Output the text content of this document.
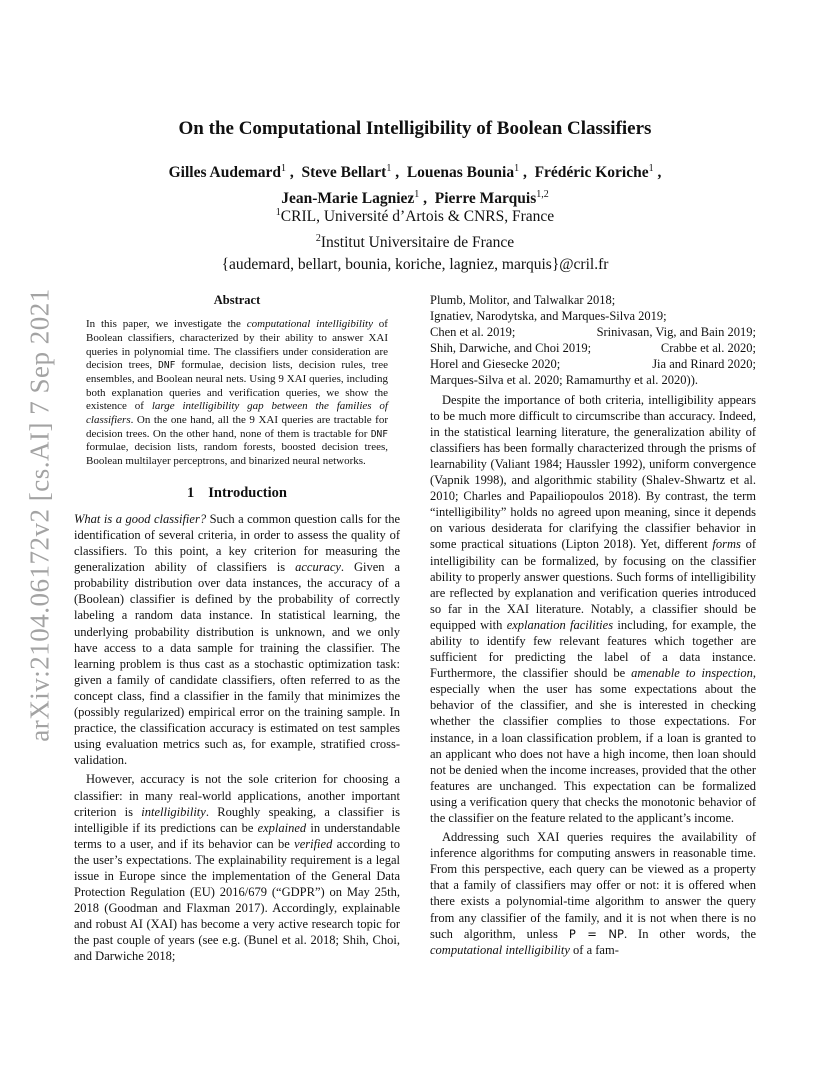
arXiv:2104.06172v2 [cs.AI] 7 Sep 2021
On the Computational Intelligibility of Boolean Classifiers
Gilles Audemard$^1$ ,  Steve Bellart$^1$ ,  Louenas Bounia$^1$ ,  Frédéric Koriche$^1$ ,
Jean-Marie Lagniez$^1$ ,  Pierre Marquis$^{1,2}$
$^1$CRIL, Université d’Artois & CNRS, France
$^2$Institut Universitaire de France
{audemard, bellart, bounia, koriche, lagniez, marquis}@cril.fr

Abstract

In this paper, we investigate the computational intelligibility of Boolean classifiers, characterized by their ability to answer XAI queries in polynomial time. The classifiers under consideration are decision trees, DNF formulae, decision lists, decision rules, tree ensembles, and Boolean neural nets. Using 9 XAI queries, including both explanation queries and verification queries, we show the existence of large intelligibility gap between the families of classifiers. On the one hand, all the 9 XAI queries are tractable for decision trees. On the other hand, none of them is tractable for DNF formulae, decision lists, random forests, boosted decision trees, Boolean multilayer perceptrons, and binarized neural networks.

1 Introduction

What is a good classifier? Such a common question calls for the identification of several criteria, in order to assess the quality of classifiers. To this point, a key criterion for measuring the generalization ability of classifiers is accuracy. Given a probability distribution over data instances, the accuracy of a (Boolean) classifier is defined by the probability of correctly labeling a random data instance. In statistical learning, the underlying probability distribution is unknown, and we only have access to a data sample for training the classifier. The learning problem is thus cast as a stochastic optimization task: given a family of candidate classifiers, often referred to as the concept class, find a classifier in the family that minimizes the (possibly regularized) empirical error on the training sample. In practice, the classification accuracy is estimated on test samples using evaluation metrics such as, for example, stratified cross-validation.

However, accuracy is not the sole criterion for choosing a classifier: in many real-world applications, another important criterion is intelligibility. Roughly speaking, a classifier is intelligible if its predictions can be explained in understandable terms to a user, and if its behavior can be verified according to the user’s expectations. The explainability requirement is a legal issue in Europe since the implementation of the General Data Protection Regulation (EU) 2016/679 (“GDPR”) on May 25th, 2018 (Goodman and Flaxman 2017). Accordingly, explainable and robust AI (XAI) has become a very active research topic for the past couple of years (see e.g. (Bunel et al. 2018; Shih, Choi, and Darwiche 2018;

Plumb, Molitor, and Talwalkar 2018;

Ignatiev, Narodytska, and Marques-Silva 2019;

Chen et al. 2019;	Srinivasan, Vig, and Bain 2019;
Shih, Darwiche, and Choi 2019;	Crabbe et al. 2020;
Horel and Giesecke 2020;	Jia and Rinard 2020;

Marques-Silva et al. 2020; Ramamurthy et al. 2020)).

Despite the importance of both criteria, intelligibility appears to be much more difficult to circumscribe than accuracy. Indeed, in the statistical learning literature, the generalization ability of classifiers has been formally characterized through the prisms of learnability (Valiant 1984; Haussler 1992), uniform convergence (Vapnik 1998), and algorithmic stability (Shalev-Shwartz et al. 2010; Charles and Papailiopoulos 2018). By contrast, the term “intelligibility” holds no agreed upon meaning, since it depends on various desiderata for clarifying the classifier behavior in some practical situations (Lipton 2018). Yet, different forms of intelligibility can be formalized, by focusing on the classifier ability to properly answer questions. Such forms of intelligibility are reflected by explanation and verification queries introduced so far in the XAI literature. Notably, a classifier should be equipped with explanation facilities including, for example, the ability to identify few relevant features which together are sufficient for predicting the label of a data instance. Furthermore, the classifier should be amenable to inspection, especially when the user has some expectations about the behavior of the classifier, and she is interested in checking whether the classifier complies to those expectations. For instance, in a loan classification problem, if a loan is granted to an applicant who does not have a high income, then loan should not be denied when the income increases, provided that the other features are unchanged. This expectation can be formalized using a verification query that checks the monotonic behavior of the classifier on the feature related to the applicant’s income.

Addressing such XAI queries requires the availability of inference algorithms for computing answers in reasonable time. From this perspective, each query can be viewed as a property that a family of classifiers may offer or not: it is offered when there exists a polynomial-time algorithm to answer the query from any classifier of the family, and it is not when there is no such algorithm, unless P = NP. In other words, the computational intelligibility of a fam-
